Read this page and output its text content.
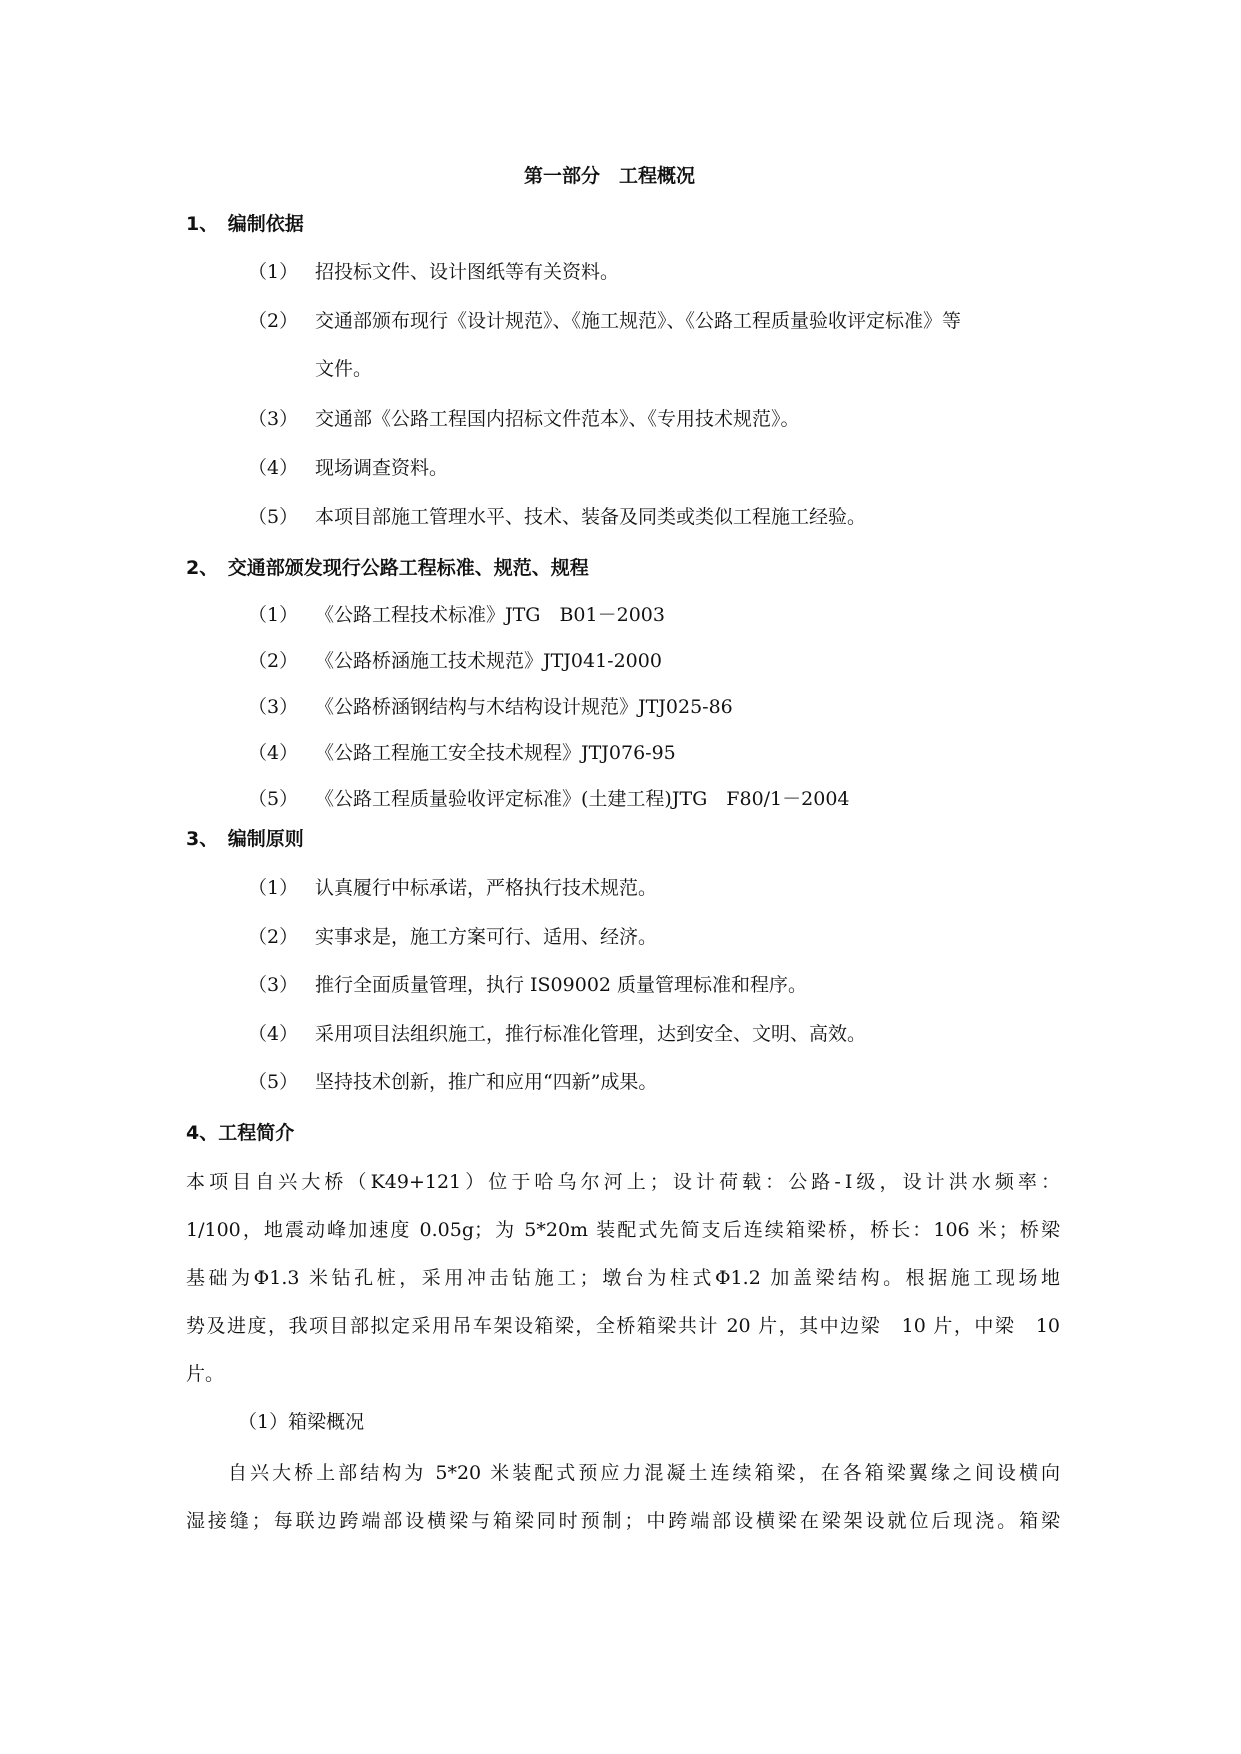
第一部分　工程概况
1、　编制依据
（1） 招投标文件、设计图纸等有关资料。
（2） 交通部颁布现行《设计规范》、《施工规范》、《公路工程质量验收评定标准》等
文件。
（3） 交通部《公路工程国内招标文件范本》、《专用技术规范》。
（4） 现场调查资料。
（5） 本项目部施工管理水平、技术、装备及同类或类似工程施工经验。
2、　交通部颁发现行公路工程标准、规范、规程
（1） 《公路工程技术标准》JTG　B01－2003
（2） 《公路桥涵施工技术规范》JTJ041-2000
（3） 《公路桥涵钢结构与木结构设计规范》JTJ025-86
（4） 《公路工程施工安全技术规程》JTJ076-95
（5） 《公路工程质量验收评定标准》(土建工程)JTG　F80/1－2004
3、　编制原则
（1） 认真履行中标承诺，严格执行技术规范。
（2） 实事求是，施工方案可行、适用、经济。
（3） 推行全面质量管理，执行 IS09002 质量管理标准和程序。
（4） 采用项目法组织施工，推行标准化管理，达到安全、文明、高效。
（5） 坚持技术创新，推广和应用“四新”成果。
4、工程简介
本项目自兴大桥（K49+121）位于哈乌尔河上；设计荷载：公路-Ⅰ级，设计洪水频率：
1/100，地震动峰加速度 0.05g；为 5*20m 装配式先简支后连续箱梁桥，桥长：106 米；桥梁
基础为Φ1.3 米钻孔桩，采用冲击钻施工；墩台为柱式Φ1.2 加盖梁结构。根据施工现场地
势及进度，我项目部拟定采用吊车架设箱梁，全桥箱梁共计 20 片，其中边梁　10 片，中梁　10
片。
（1）箱梁概况
自兴大桥上部结构为 5*20 米装配式预应力混凝土连续箱梁，在各箱梁翼缘之间设横向
湿接缝；每联边跨端部设横梁与箱梁同时预制；中跨端部设横梁在梁架设就位后现浇。箱梁
